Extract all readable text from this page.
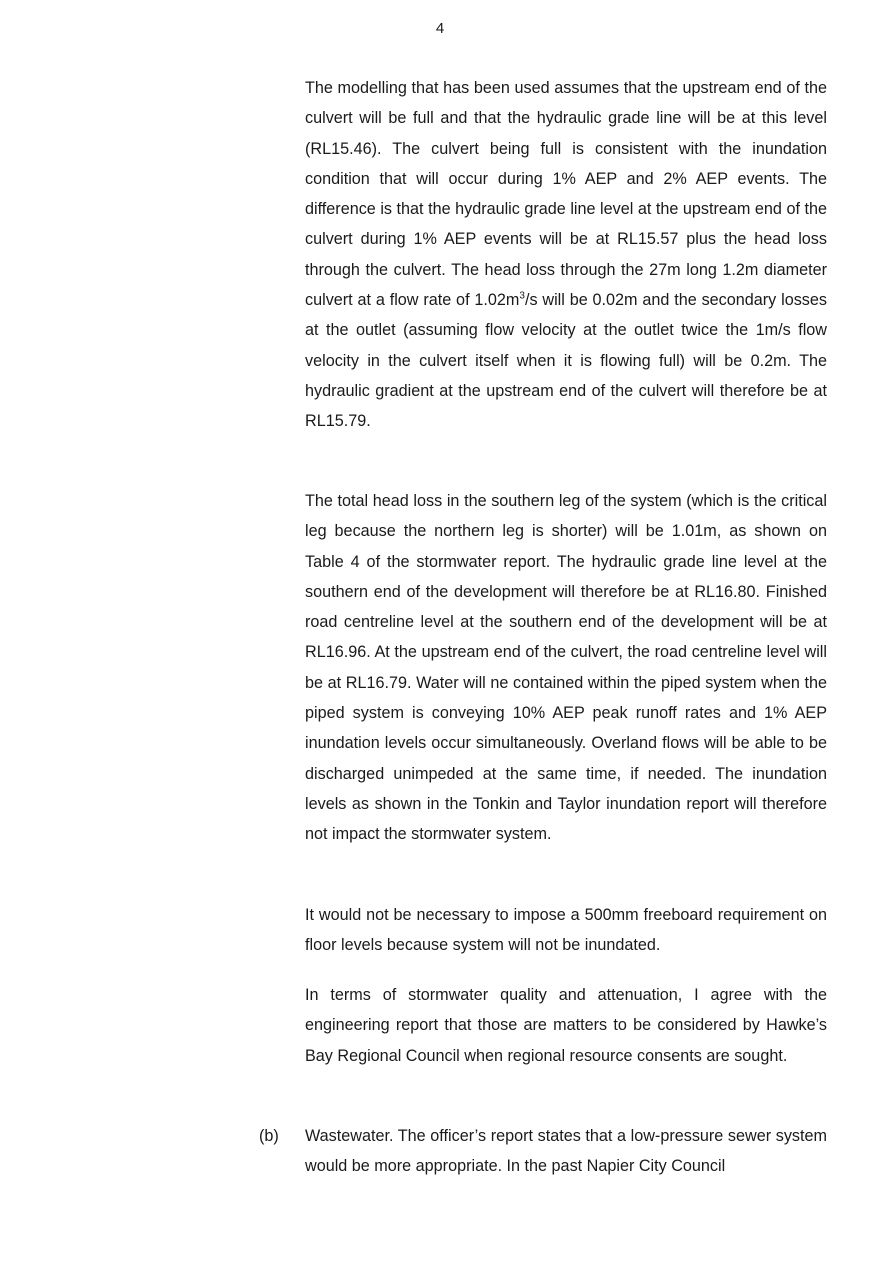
4

The modelling that has been used assumes that the upstream end of the culvert will be full and that the hydraulic grade line will be at this level (RL15.46). The culvert being full is consistent with the inundation condition that will occur during 1% AEP and 2% AEP events. The difference is that the hydraulic grade line level at the upstream end of the culvert during 1% AEP events will be at RL15.57 plus the head loss through the culvert. The head loss through the 27m long 1.2m diameter culvert at a flow rate of $1.02m^3/s$ will be 0.02m and the secondary losses at the outlet (assuming flow velocity at the outlet twice the 1m/s flow velocity in the culvert itself when it is flowing full) will be 0.2m. The hydraulic gradient at the upstream end of the culvert will therefore be at RL15.79.

The total head loss in the southern leg of the system (which is the critical leg because the northern leg is shorter) will be 1.01m, as shown on Table 4 of the stormwater report. The hydraulic grade line level at the southern end of the development will therefore be at RL16.80. Finished road centreline level at the southern end of the development will be at RL16.96. At the upstream end of the culvert, the road centreline level will be at RL16.79. Water will ne contained within the piped system when the piped system is conveying 10% AEP peak runoff rates and 1% AEP inundation levels occur simultaneously. Overland flows will be able to be discharged unimpeded at the same time, if needed. The inundation levels as shown in the Tonkin and Taylor inundation report will therefore not impact the stormwater system.

It would not be necessary to impose a 500mm freeboard requirement on floor levels because system will not be inundated.

In terms of stormwater quality and attenuation, I agree with the engineering report that those are matters to be considered by Hawke’s Bay Regional Council when regional resource consents are sought.

(b) Wastewater. The officer’s report states that a low-pressure sewer system would be more appropriate. In the past Napier City Council
